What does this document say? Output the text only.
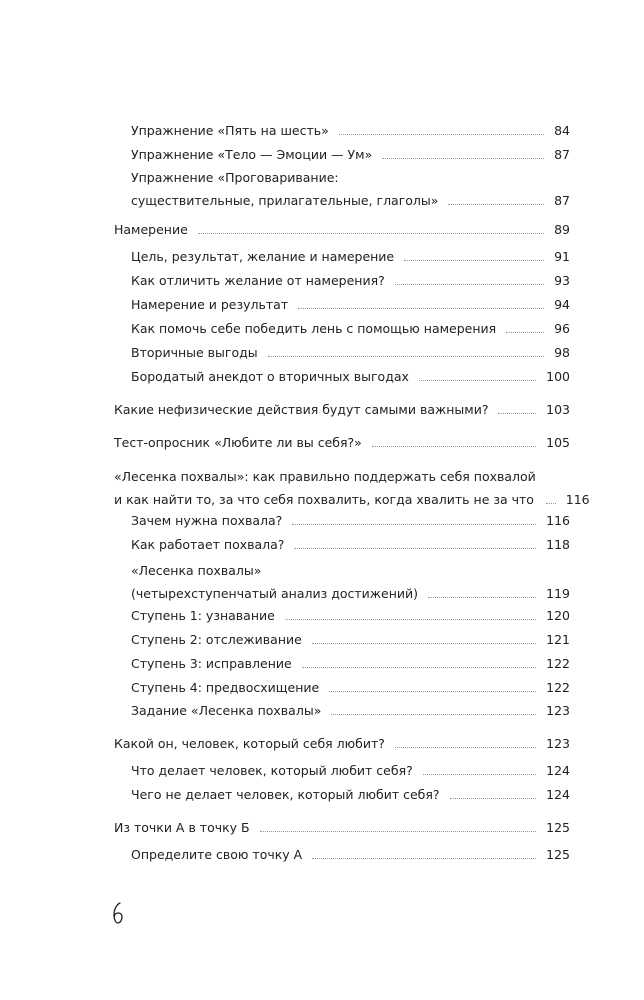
Упражнение «Пять на шесть»	84
Упражнение «Тело — Эмоции — Ум»	87
Упражнение «Проговаривание:
существительные, прилагательные, глаголы»	87
Намерение	89
Цель, результат, желание и намерение	91
Как отличить желание от намерения?	93
Намерение и результат	94
Как помочь себе победить лень с помощью намерения	96
Вторичные выгоды	98
Бородатый анекдот о вторичных выгодах	100
Какие нефизические действия будут самыми важными?	103
Тест-опросник «Любите ли вы себя?»	105
«Лесенка похвалы»: как правильно поддержать себя похвалой
и как найти то, за что себя похвалить, когда хвалить не за что	116
Зачем нужна похвала?	116
Как работает похвала?	118
«Лесенка похвалы»
(четырехступенчатый анализ достижений)	119
Ступень 1: узнавание	120
Ступень 2: отслеживание	121
Ступень 3: исправление	122
Ступень 4: предвосхищение	122
Задание «Лесенка похвалы»	123
Какой он, человек, который себя любит?	123
Что делает человек, который любит себя?	124
Чего не делает человек, который любит себя?	124
Из точки А в точку Б	125
Определите свою точку А	125
